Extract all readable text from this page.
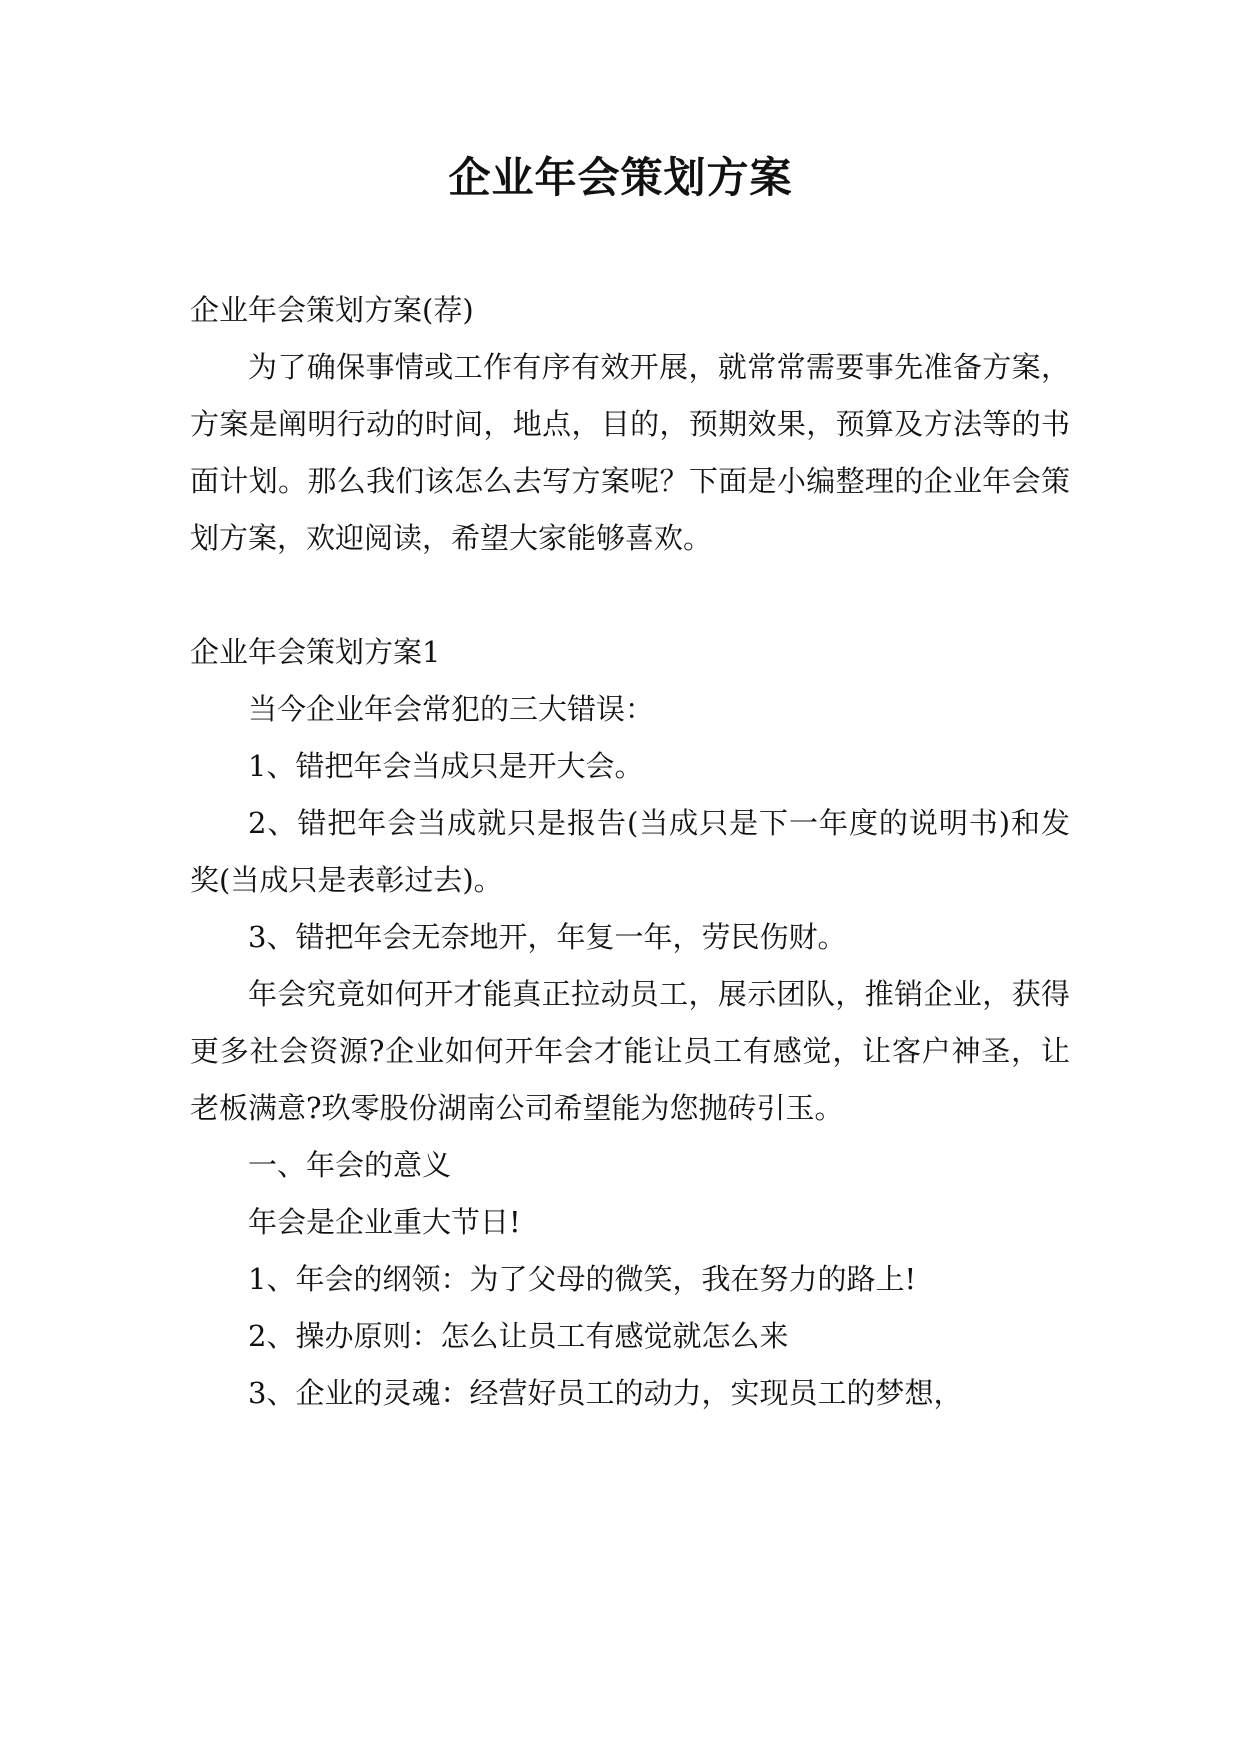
企业年会策划方案

企业年会策划方案(荐)

为了确保事情或工作有序有效开展，就常常需要事先准备方案，方案是阐明行动的时间，地点，目的，预期效果，预算及方法等的书面计划。那么我们该怎么去写方案呢？下面是小编整理的企业年会策划方案，欢迎阅读，希望大家能够喜欢。

企业年会策划方案1

当今企业年会常犯的三大错误：

1、错把年会当成只是开大会。

2、错把年会当成就只是报告(当成只是下一年度的说明书)和发奖(当成只是表彰过去)。

3、错把年会无奈地开，年复一年，劳民伤财。

年会究竟如何开才能真正拉动员工，展示团队，推销企业，获得更多社会资源?企业如何开年会才能让员工有感觉，让客户神圣，让老板满意?玖零股份湖南公司希望能为您抛砖引玉。

一、年会的意义

年会是企业重大节日!

1、年会的纲领：为了父母的微笑，我在努力的路上!

2、操办原则：怎么让员工有感觉就怎么来

3、企业的灵魂：经营好员工的动力，实现员工的梦想，
